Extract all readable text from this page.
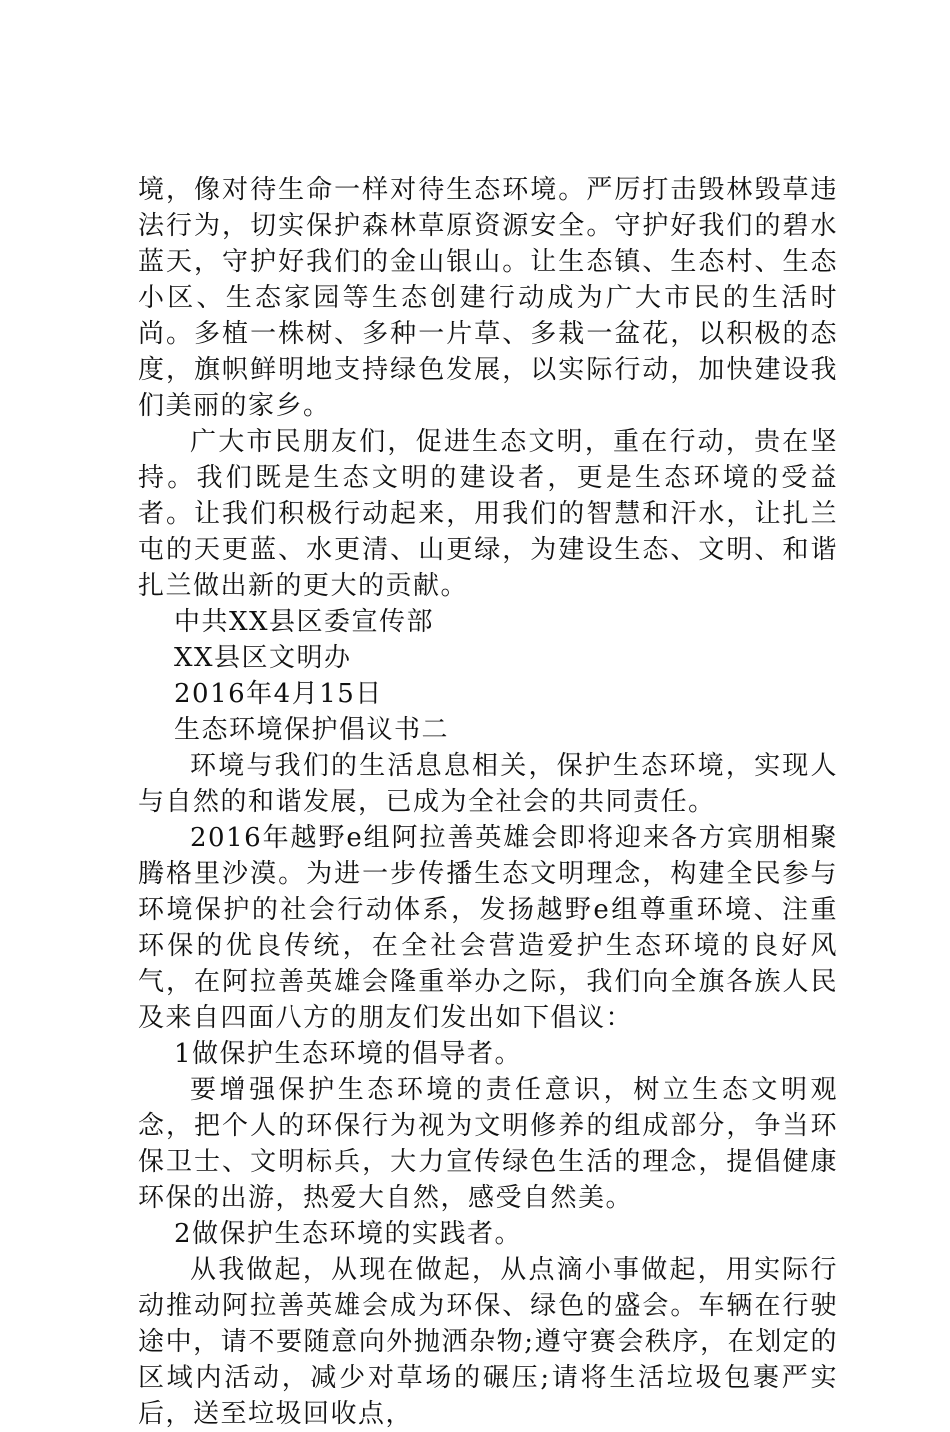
境，像对待生命一样对待生态环境。严厉打击毁林毁草违法行为，切实保护森林草原资源安全。守护好我们的碧水蓝天，守护好我们的金山银山。让生态镇、生态村、生态小区、生态家园等生态创建行动成为广大市民的生活时尚。多植一株树、多种一片草、多栽一盆花，以积极的态度，旗帜鲜明地支持绿色发展，以实际行动，加快建设我们美丽的家乡。

广大市民朋友们，促进生态文明，重在行动，贵在坚持。我们既是生态文明的建设者，更是生态环境的受益者。让我们积极行动起来，用我们的智慧和汗水，让扎兰屯的天更蓝、水更清、山更绿，为建设生态、文明、和谐扎兰做出新的更大的贡献。

中共XX县区委宣传部

XX县区文明办

2016年4月15日

生态环境保护倡议书二

环境与我们的生活息息相关，保护生态环境，实现人与自然的和谐发展，已成为全社会的共同责任。

2016年越野e组阿拉善英雄会即将迎来各方宾朋相聚腾格里沙漠。为进一步传播生态文明理念，构建全民参与环境保护的社会行动体系，发扬越野e组尊重环境、注重环保的优良传统，在全社会营造爱护生态环境的良好风气，在阿拉善英雄会隆重举办之际，我们向全旗各族人民及来自四面八方的朋友们发出如下倡议：

1做保护生态环境的倡导者。

要增强保护生态环境的责任意识，树立生态文明观念，把个人的环保行为视为文明修养的组成部分，争当环保卫士、文明标兵，大力宣传绿色生活的理念，提倡健康环保的出游，热爱大自然，感受自然美。

2做保护生态环境的实践者。

从我做起，从现在做起，从点滴小事做起，用实际行动推动阿拉善英雄会成为环保、绿色的盛会。车辆在行驶途中，请不要随意向外抛洒杂物;遵守赛会秩序，在划定的区域内活动，减少对草场的碾压;请将生活垃圾包裹严实后，送至垃圾回收点，
